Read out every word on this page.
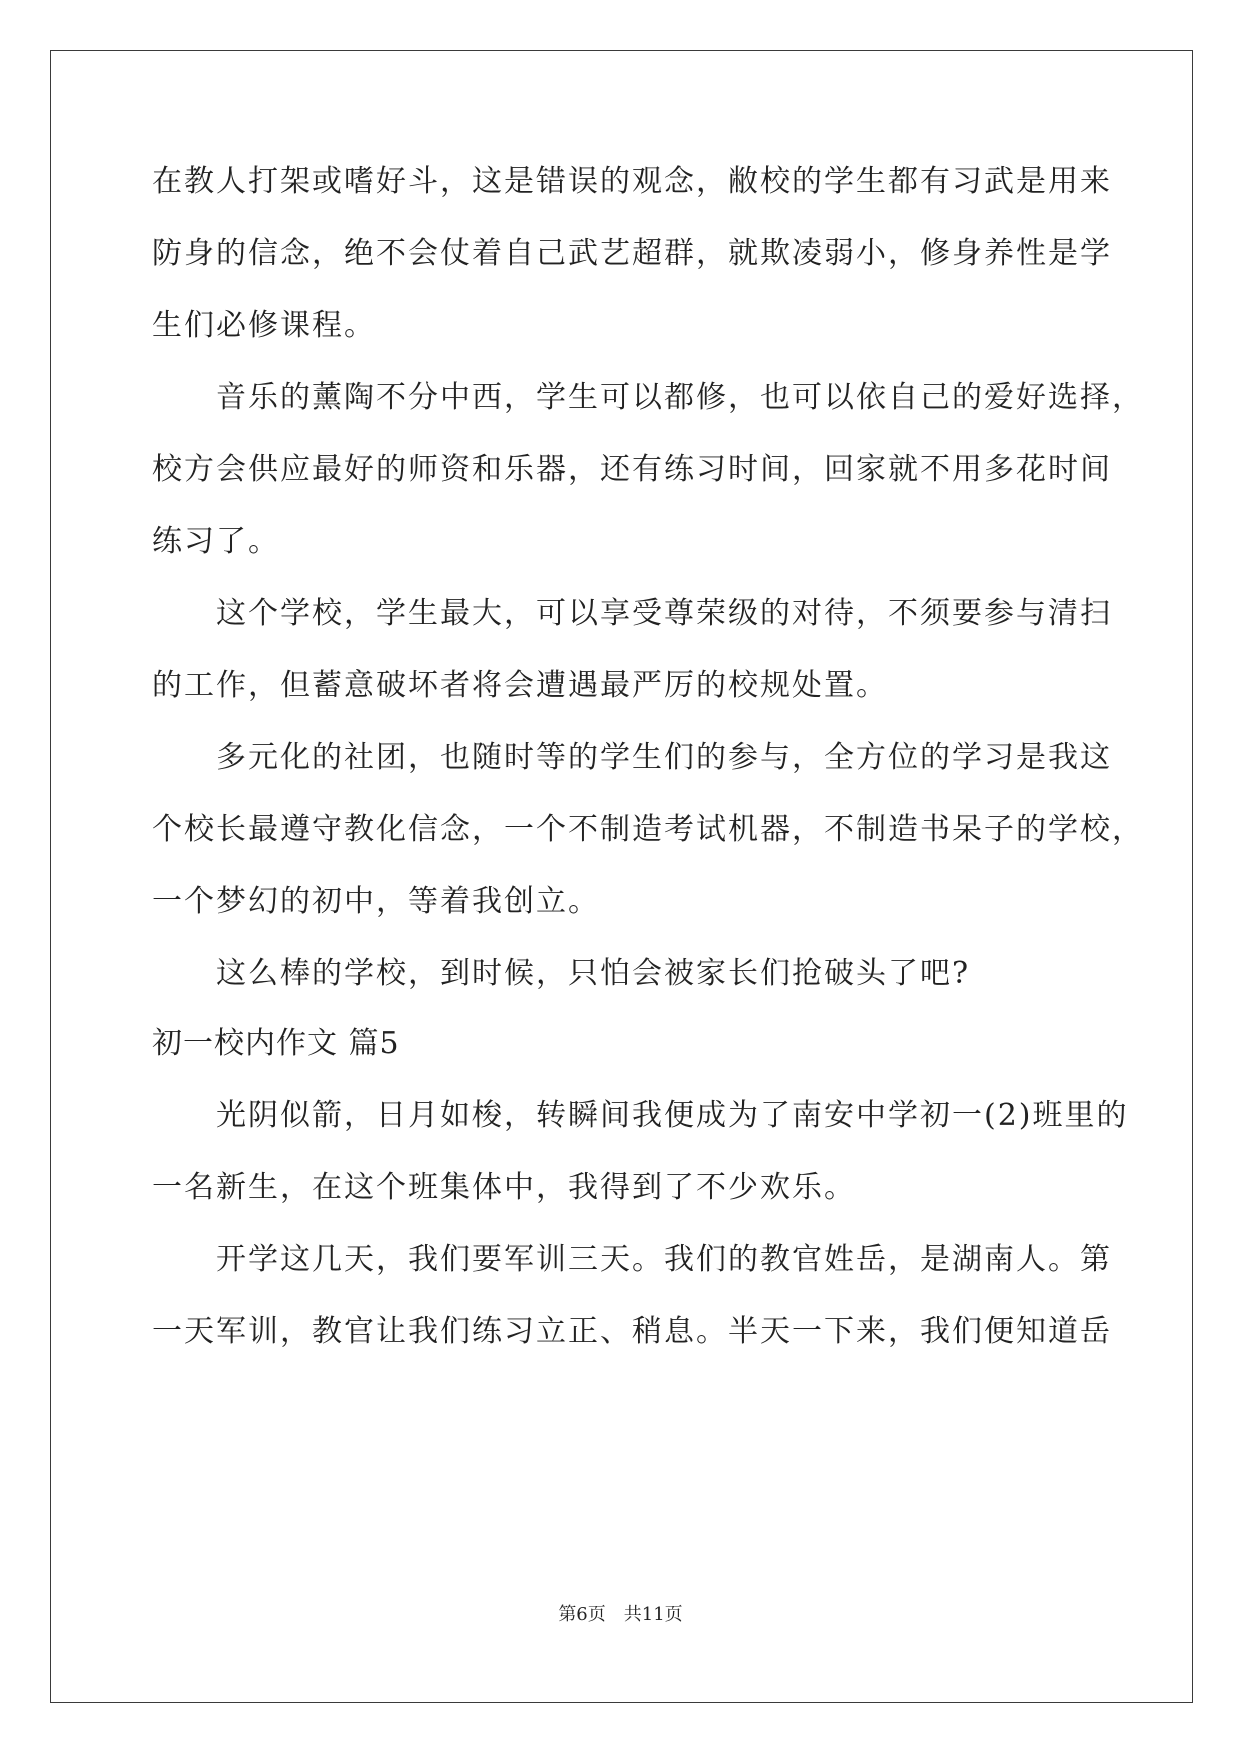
在教人打架或嗜好斗，这是错误的观念，敝校的学生都有习武是用来
防身的信念，绝不会仗着自己武艺超群，就欺凌弱小，修身养性是学
生们必修课程。
音乐的薰陶不分中西，学生可以都修，也可以依自己的爱好选择，
校方会供应最好的师资和乐器，还有练习时间，回家就不用多花时间
练习了。
这个学校，学生最大，可以享受尊荣级的对待，不须要参与清扫
的工作，但蓄意破坏者将会遭遇最严厉的校规处置。
多元化的社团，也随时等的学生们的参与，全方位的学习是我这
个校长最遵守教化信念，一个不制造考试机器，不制造书呆子的学校，
一个梦幻的初中，等着我创立。
这么棒的学校，到时候，只怕会被家长们抢破头了吧?
初一校内作文 篇5
光阴似箭，日月如梭，转瞬间我便成为了南安中学初一(2)班里的
一名新生，在这个班集体中，我得到了不少欢乐。
开学这几天，我们要军训三天。我们的教官姓岳，是湖南人。第
一天军训，教官让我们练习立正、稍息。半天一下来，我们便知道岳
第6页 共11页
